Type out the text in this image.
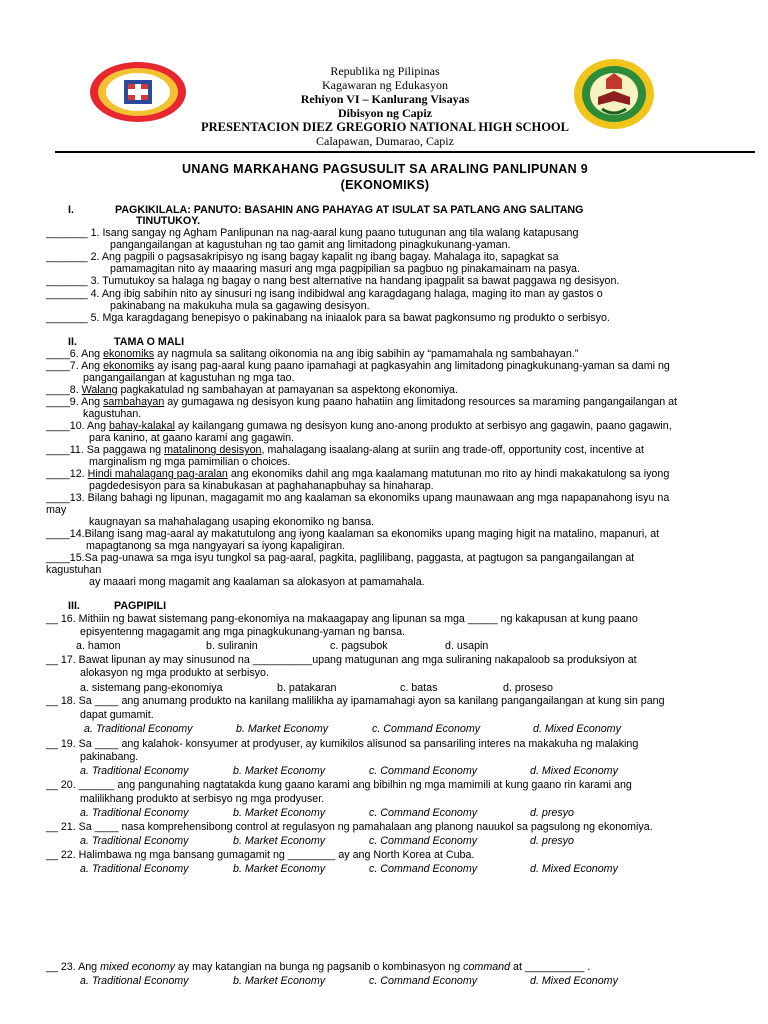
Republika ng Pilipinas
Kagawaran ng Edukasyon
Rehiyon VI – Kanlurang Visayas
Dibisyon ng Capiz
PRESENTACION DIEZ GREGORIO NATIONAL HIGH SCHOOL
Calapawan, Dumarao, Capiz
UNANG MARKAHANG PAGSUSULIT SA ARALING PANLIPUNAN 9
(EKONOMIKS)
I.	PAGKIKILALA: PANUTO: BASAHIN ANG PAHAYAG AT ISULAT SA PATLANG ANG SALITANG
TINUTUKOY.
_______ 1. Isang sangay ng Agham Panlipunan na nag-aaral kung paano tutugunan ang tila walang katapusang
pangangailangan at kagustuhan ng tao gamit ang limitadong pinagkukunang-yaman.
_______ 2. Ang pagpili o pagsasakripisyo ng isang bagay kapalit ng ibang bagay. Mahalaga ito, sapagkat sa
pamamagitan nito ay maaaring masuri ang mga pagpipilian sa pagbuo ng pinakamainam na pasya.
_______ 3. Tumutukoy sa halaga ng bagay o nang best alternative na handang ipagpalit sa bawat paggawa ng desisyon.
_______ 4. Ang ibig sabihin nito ay sinusuri ng isang indibidwal ang karagdagang halaga, maging ito man ay gastos o
pakinabang na makukuha mula sa gagawing desisyon.
_______ 5. Mga karagdagang benepisyo o pakinabang na iniaalok para sa bawat pagkonsumo ng produkto o serbisyo.
II.	TAMA O MALI
____6. Ang ekonomiks ay nagmula sa salitang oikonomia na ang ibig sabihin ay “pamamahala ng sambahayan.”
____7. Ang ekonomiks ay isang pag-aaral kung paano ipamahagi at pagkasyahin ang limitadong pinagkukunang-yaman sa dami ng
pangangailangan at kagustuhan ng mga tao.
____8. Walang pagkakatulad ng sambahayan at pamayanan sa aspektong ekonomiya.
____9. Ang sambahayan ay gumagawa ng desisyon kung paano hahatiin ang limitadong resources sa maraming pangangailangan at
kagustuhan.
____10. Ang bahay-kalakal ay kailangang gumawa ng desisyon kung ano-anong produkto at serbisyo ang gagawin, paano gagawin,
para kanino, at gaano karami ang gagawin.
____11. Sa paggawa ng matalinong desisyon, mahalagang isaalang-alang at suriin ang trade-off, opportunity cost, incentive at
marginalism ng mga pamimilian o choices.
____12. Hindi mahalagang pag-aralan ang ekonomiks dahil ang mga kaalamang matutunan mo rito ay hindi makakatulong sa iyong
pagdedesisyon para sa kinabukasan at paghahanapbuhay sa hinaharap.
____13. Bilang bahagi ng lipunan, magagamit mo ang kaalaman sa ekonomiks upang maunawaan ang mga napapanahong isyu na
may
kaugnayan sa mahahalagang usaping ekonomiko ng bansa.
____14.Bilang isang mag-aaral ay makatutulong ang iyong kaalaman sa ekonomiks upang maging higit na matalino, mapanuri, at
mapagtanong sa mga nangyayari sa iyong kapaligiran.
____15.Sa pag-unawa sa mga isyu tungkol sa pag-aaral, pagkita, paglilibang, paggasta, at pagtugon sa pangangailangan at
kagustuhan
ay maaari mong magamit ang kaalaman sa alokasyon at pamamahala.
III.	PAGPIPILI
__ 16. Mithiin ng bawat sistemang pang-ekonomiya na makaagapay ang lipunan sa mga _____ ng kakapusan at kung paano
episyentenng magagamit ang mga pinagkukunang-yaman ng bansa.
a. hamon	b. suliranin	c. pagsubok	d. usapin
__ 17. Bawat lipunan ay may sinusunod na __________upang matugunan ang mga suliraning nakapaloob sa produksiyon at
alokasyon ng mga produkto at serbisyo.
a. sistemang pang-ekonomiya	b. patakaran	c. batas	d. proseso
__ 18. Sa ____ ang anumang produkto na kanilang malilikha ay ipamamahagi ayon sa kanilang pangangailangan at kung sin pang
dapat gumamit.
a. Traditional Economy	b. Market Economy	c. Command Economy	d. Mixed Economy
__ 19. Sa ____ ang kalahok- konsyumer at prodyuser, ay kumikilos alisunod sa pansariling interes na makakuha ng malaking
pakinabang.
a. Traditional Economy	b. Market Economy	c. Command Economy	d. Mixed Economy
__ 20. ______ ang pangunahing nagtatakda kung gaano karami ang bibilhin ng mga mamimili at kung gaano rin karami ang
malilikhang produkto at serbisyo ng mga prodyuser.
a. Traditional Economy	b. Market Economy	c. Command Economy	d. presyo
__ 21. Sa ____ nasa komprehensibong control at regulasyon ng pamahalaan ang planong nauukol sa pagsulong ng ekonomiya.
a. Traditional Economy	b. Market Economy	c. Command Economy	d. presyo
__ 22. Halimbawa ng mga bansang gumagamit ng ________ ay ang North Korea at Cuba.
a. Traditional Economy	b. Market Economy	c. Command Economy	d. Mixed Economy
__ 23. Ang mixed economy ay may katangian na bunga ng pagsanib o kombinasyon ng command at __________ .
a. Traditional Economy	b. Market Economy	c. Command Economy	d. Mixed Economy
